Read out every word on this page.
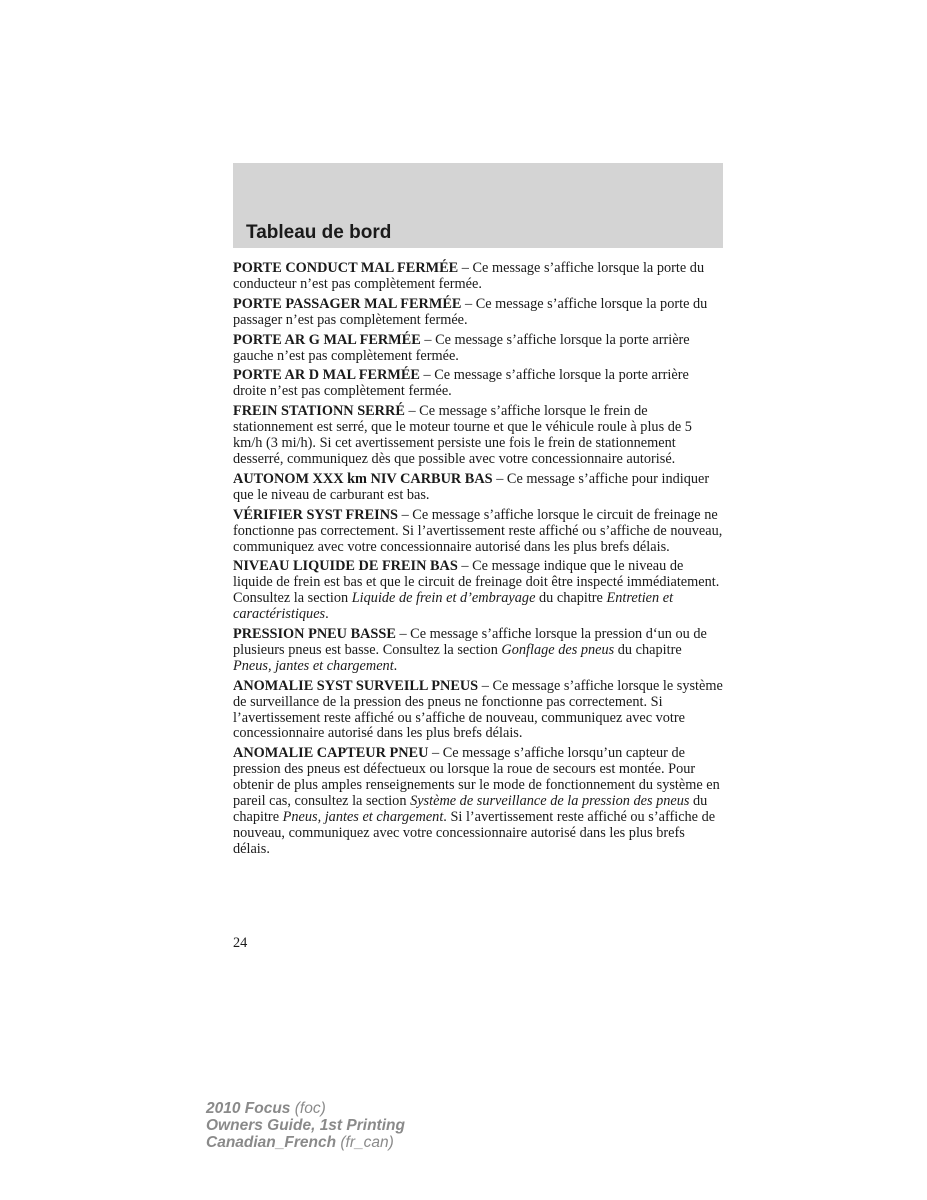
Tableau de bord

PORTE CONDUCT MAL FERMÉE – Ce message s’affiche lorsque la porte du conducteur n’est pas complètement fermée.

PORTE PASSAGER MAL FERMÉE – Ce message s’affiche lorsque la porte du passager n’est pas complètement fermée.

PORTE AR G MAL FERMÉE – Ce message s’affiche lorsque la porte arrière gauche n’est pas complètement fermée.

PORTE AR D MAL FERMÉE – Ce message s’affiche lorsque la porte arrière droite n’est pas complètement fermée.

FREIN STATIONN SERRÉ – Ce message s’affiche lorsque le frein de stationnement est serré, que le moteur tourne et que le véhicule roule à plus de 5 km/h (3 mi/h). Si cet avertissement persiste une fois le frein de stationnement desserré, communiquez dès que possible avec votre concessionnaire autorisé.

AUTONOM XXX km NIV CARBUR BAS – Ce message s’affiche pour indiquer que le niveau de carburant est bas.

VÉRIFIER SYST FREINS – Ce message s’affiche lorsque le circuit de freinage ne fonctionne pas correctement. Si l’avertissement reste affiché ou s’affiche de nouveau, communiquez avec votre concessionnaire autorisé dans les plus brefs délais.

NIVEAU LIQUIDE DE FREIN BAS – Ce message indique que le niveau de liquide de frein est bas et que le circuit de freinage doit être inspecté immédiatement. Consultez la section Liquide de frein et d’embrayage du chapitre Entretien et caractéristiques.

PRESSION PNEU BASSE – Ce message s’affiche lorsque la pression d‘un ou de plusieurs pneus est basse. Consultez la section Gonflage des pneus du chapitre Pneus, jantes et chargement.

ANOMALIE SYST SURVEILL PNEUS – Ce message s’affiche lorsque le système de surveillance de la pression des pneus ne fonctionne pas correctement. Si l’avertissement reste affiché ou s’affiche de nouveau, communiquez avec votre concessionnaire autorisé dans les plus brefs délais.

ANOMALIE CAPTEUR PNEU – Ce message s’affiche lorsqu’un capteur de pression des pneus est défectueux ou lorsque la roue de secours est montée. Pour obtenir de plus amples renseignements sur le mode de fonctionnement du système en pareil cas, consultez la section Système de surveillance de la pression des pneus du chapitre Pneus, jantes et chargement. Si l’avertissement reste affiché ou s’affiche de nouveau, communiquez avec votre concessionnaire autorisé dans les plus brefs délais.

24
2010 Focus (foc)
Owners Guide, 1st Printing
Canadian_French (fr_can)
